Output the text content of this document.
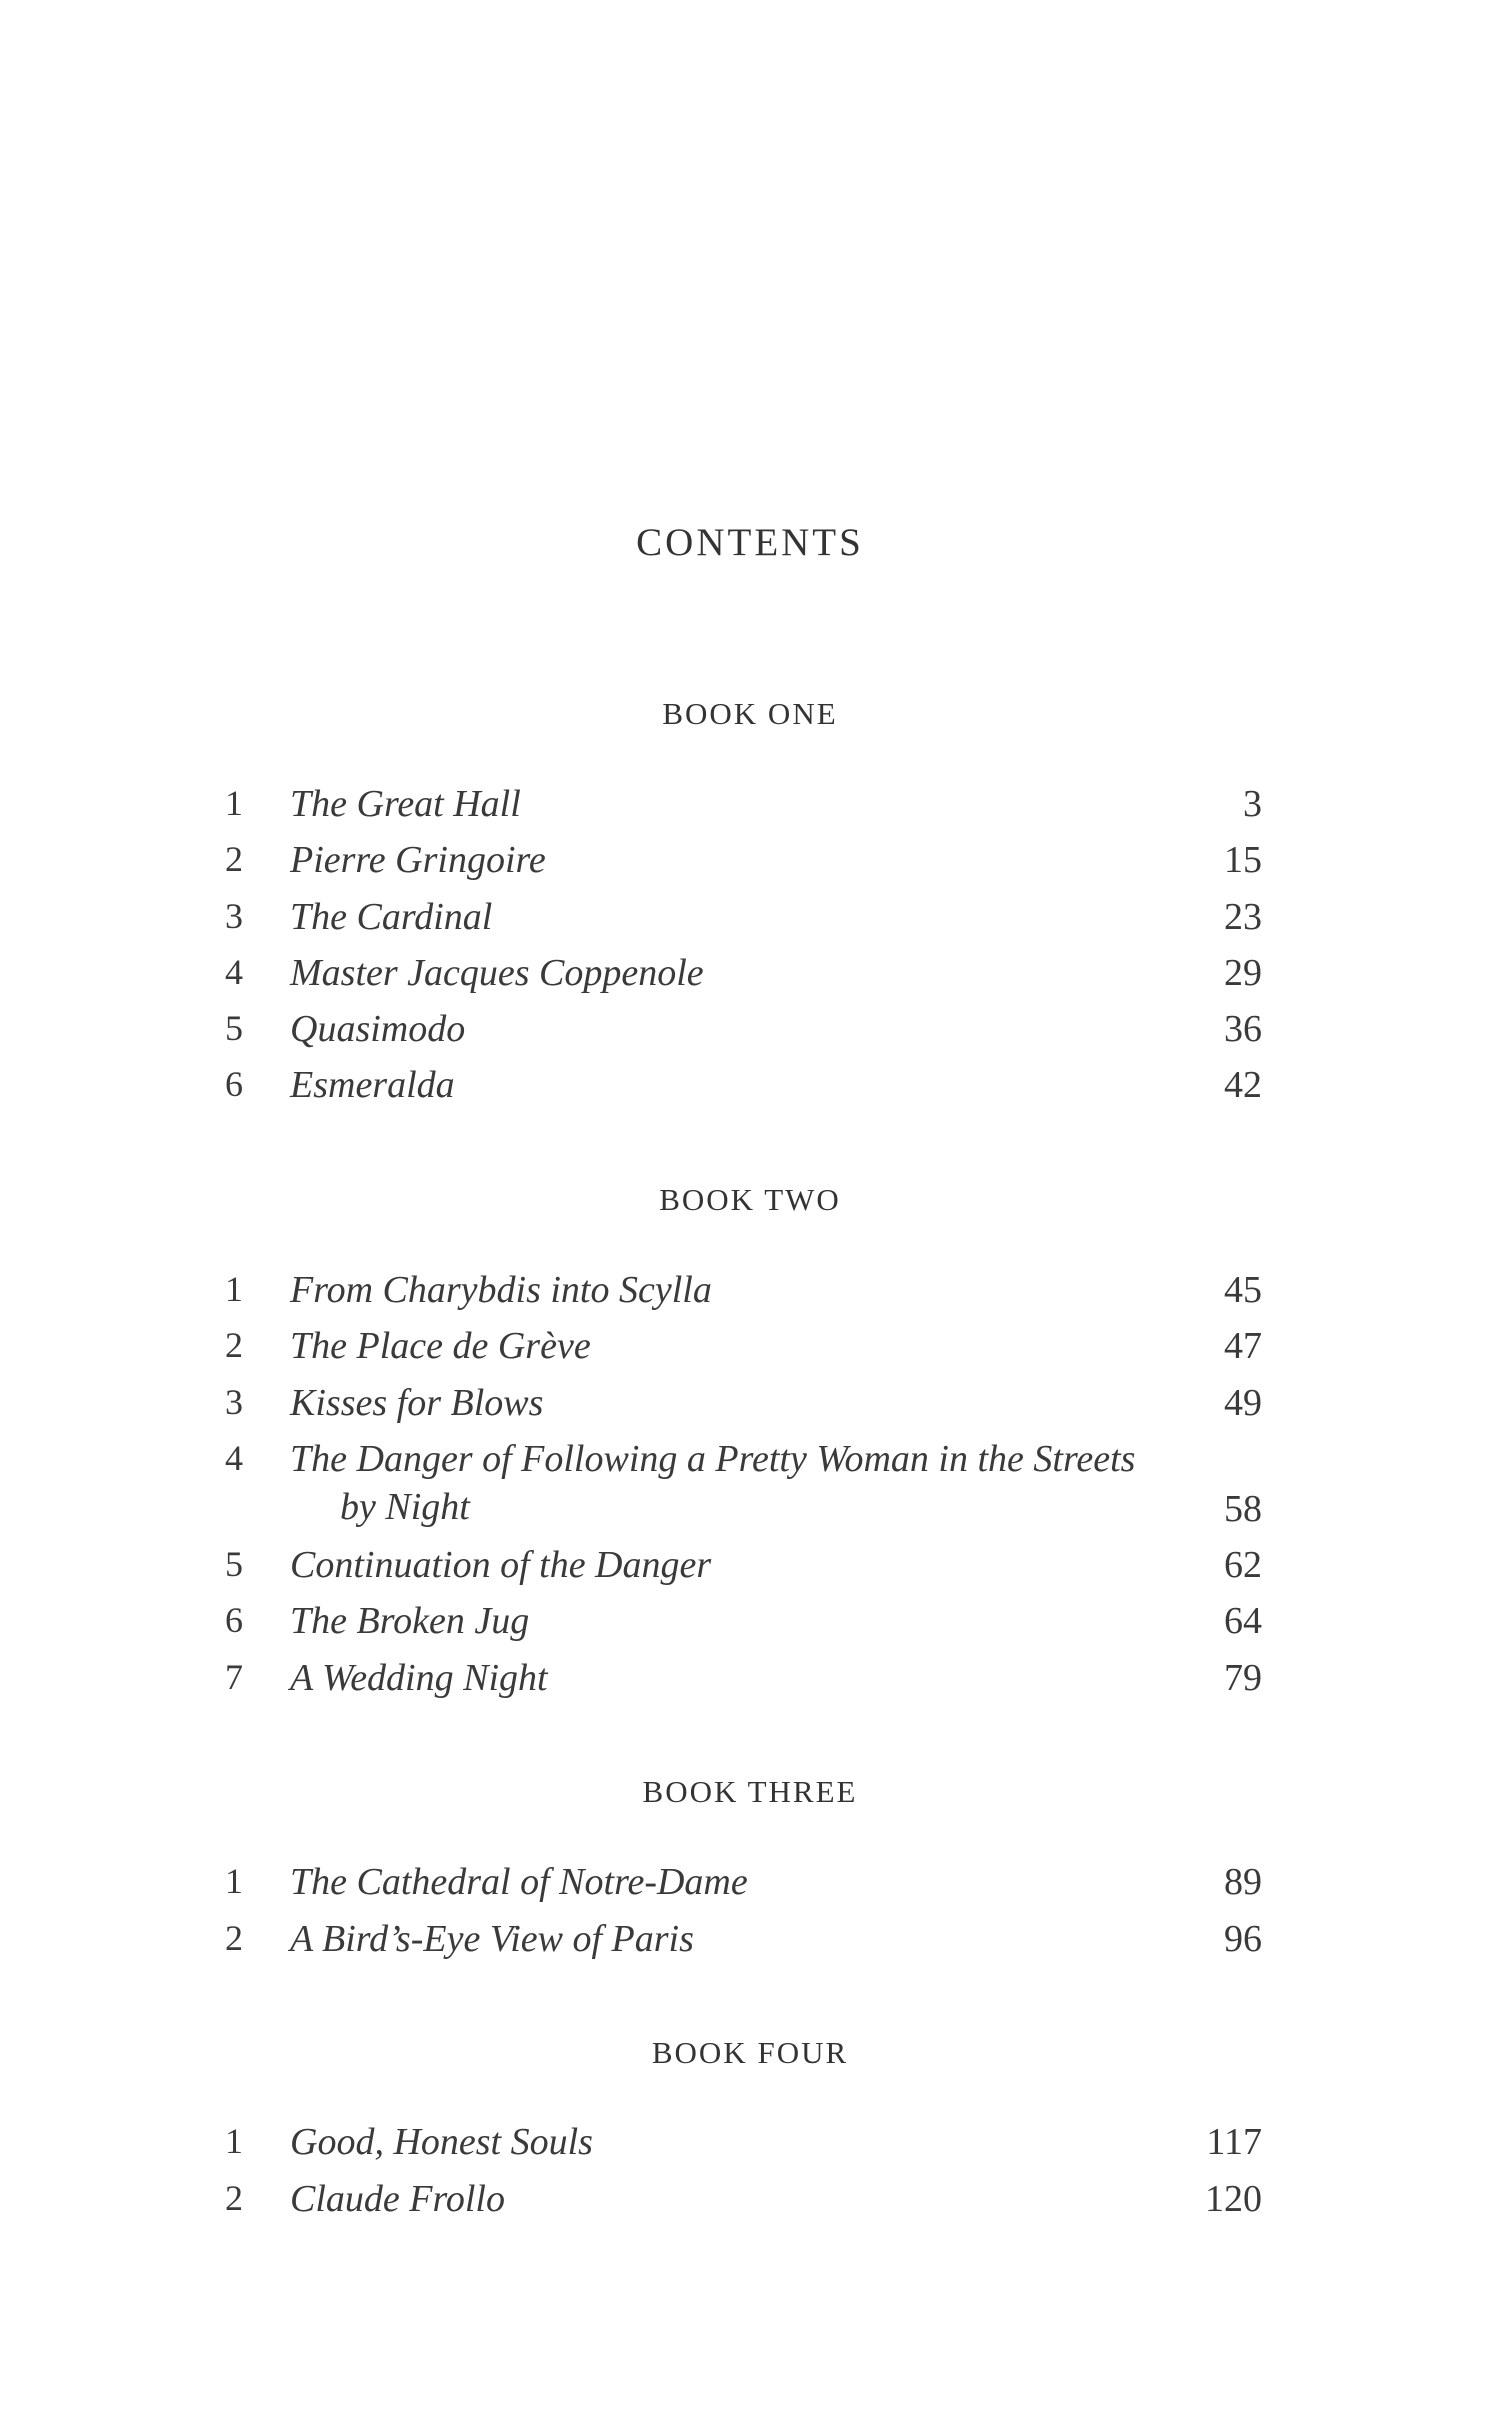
CONTENTS
BOOK ONE
1	The Great Hall	3
2	Pierre Gringoire	15
3	The Cardinal	23
4	Master Jacques Coppenole	29
5	Quasimodo	36
6	Esmeralda	42
BOOK TWO
1	From Charybdis into Scylla	45
2	The Place de Grève	47
3	Kisses for Blows	49
4	The Danger of Following a Pretty Woman in the Streets
by Night	58
5	Continuation of the Danger	62
6	The Broken Jug	64
7	A Wedding Night	79
BOOK THREE
1	The Cathedral of Notre-Dame	89
2	A Bird’s-Eye View of Paris	96
BOOK FOUR
1	Good, Honest Souls	117
2	Claude Frollo	120
